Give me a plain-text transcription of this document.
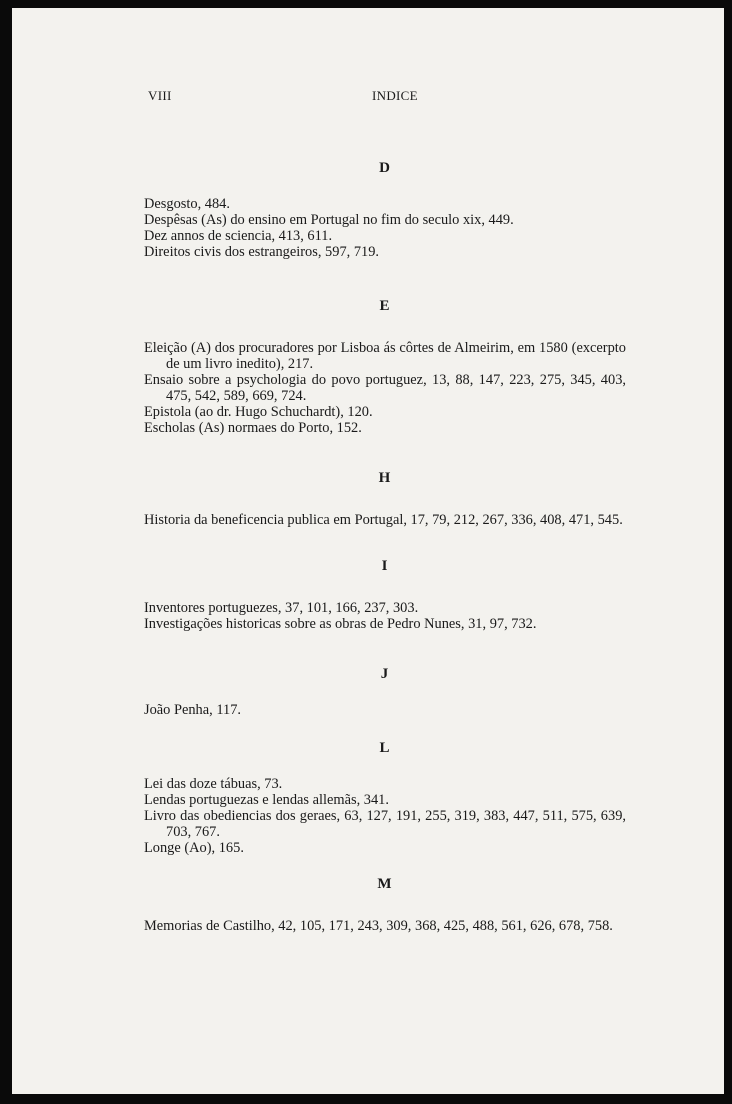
VIII	INDICE
D

Desgosto, 484.

Despêsas (As) do ensino em Portugal no fim do seculo xix, 449.

Dez annos de sciencia, 413, 611.

Direitos civis dos estrangeiros, 597, 719.

E

Eleição (A) dos procuradores por Lisboa ás côrtes de Almeirim, em 1580 (excerpto de um livro inedito), 217.

Ensaio sobre a psychologia do povo portuguez, 13, 88, 147, 223, 275, 345, 403, 475, 542, 589, 669, 724.

Epistola (ao dr. Hugo Schuchardt), 120.

Escholas (As) normaes do Porto, 152.

H

Historia da beneficencia publica em Portugal, 17, 79, 212, 267, 336, 408, 471, 545.

I

Inventores portuguezes, 37, 101, 166, 237, 303.

Investigações historicas sobre as obras de Pedro Nunes, 31, 97, 732.

J

João Penha, 117.

L

Lei das doze tábuas, 73.

Lendas portuguezas e lendas allemãs, 341.

Livro das obediencias dos geraes, 63, 127, 191, 255, 319, 383, 447, 511, 575, 639, 703, 767.

Longe (Ao), 165.

M

Memorias de Castilho, 42, 105, 171, 243, 309, 368, 425, 488, 561, 626, 678, 758.
